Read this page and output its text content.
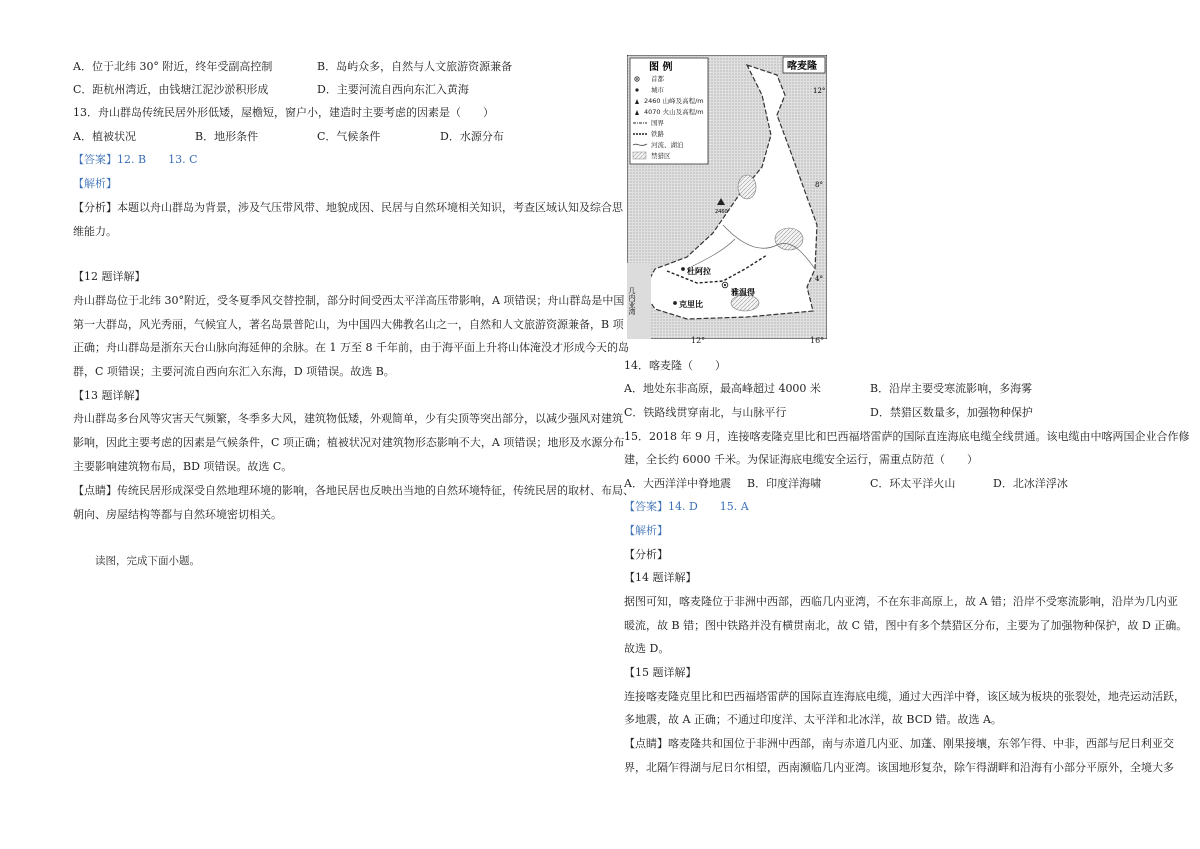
A．位于北纬 30° 附近，终年受副高控制	B．岛屿众多，自然与人文旅游资源兼备
C．距杭州湾近，由钱塘江泥沙淤积形成	D．主要河流自西向东汇入黄海
13．舟山群岛传统民居外形低矮，屋檐短，窗户小，建造时主要考虑的因素是（　　）
A．植被状况	B．地形条件	C．气候条件	D．水源分布
【答案】12. B　　13. C
【解析】
【分析】本题以舟山群岛为背景，涉及气压带风带、地貌成因、民居与自然环境相关知识，考查区域认知及综合思
维能力。
【12 题详解】
舟山群岛位于北纬 30°附近，受冬夏季风交替控制，部分时间受西太平洋高压带影响，A 项错误；舟山群岛是中国
第一大群岛，风光秀丽，气候宜人，著名岛景普陀山，为中国四大佛教名山之一，自然和人文旅游资源兼备，B 项
正确；舟山群岛是浙东天台山脉向海延伸的余脉。在 1 万至 8 千年前，由于海平面上升将山体淹没才形成今天的岛
群，C 项错误；主要河流自西向东汇入东海，D 项错误。故选 B。
【13 题详解】
舟山群岛多台风等灾害天气频繁，冬季多大风，建筑物低矮，外观简单，少有尖顶等突出部分，以减少强风对建筑
影响，因此主要考虑的因素是气候条件，C 项正确；植被状况对建筑物形态影响不大，A 项错误；地形及水源分布
主要影响建筑物布局，BD 项错误。故选 C。
【点睛】传统民居形成深受自然地理环境的影响，各地民居也反映出当地的自然环境特征，传统民居的取材、布局、
朝向、房屋结构等都与自然环境密切相关。
读图，完成下面小题。
图 例
首都
城市
2460 山峰及高程/m
4070 火山及高程/m
国界
铁路
河流、湖泊
禁猎区
喀麦隆
2460
雅温得
杜阿拉
克里比
几内亚湾
12°
8°
4°
12°	16°
14．喀麦隆（　　）
A．地处东非高原，最高峰超过 4000 米	B．沿岸主要受寒流影响，多海雾
C．铁路线贯穿南北，与山脉平行	D．禁猎区数量多，加强物种保护
15．2018 年 9 月，连接喀麦隆克里比和巴西福塔雷萨的国际直连海底电缆全线贯通。该电缆由中喀两国企业合作修
建，全长约 6000 千米。为保证海底电缆安全运行，需重点防范（　　）
A．大西洋洋中脊地震 B．印度洋海啸	C．环太平洋火山	D．北冰洋浮冰
【答案】14. D　　15. A
【解析】
【分析】
【14 题详解】
据图可知，喀麦隆位于非洲中西部，西临几内亚湾，不在东非高原上，故 A 错；沿岸不受寒流影响，沿岸为几内亚
暖流，故 B 错；图中铁路并没有横贯南北，故 C 错，图中有多个禁猎区分布，主要为了加强物种保护，故 D 正确。
故选 D。
【15 题详解】
连接喀麦隆克里比和巴西福塔雷萨的国际直连海底电缆，通过大西洋中脊，该区域为板块的张裂处，地壳运动活跃，
多地震，故 A 正确；不通过印度洋、太平洋和北冰洋，故 BCD 错。故选 A。
【点睛】喀麦隆共和国位于非洲中西部，南与赤道几内亚、加蓬、刚果接壤，东邻乍得、中非，西部与尼日利亚交
界，北隔乍得湖与尼日尔相望，西南濒临几内亚湾。该国地形复杂，除乍得湖畔和沿海有小部分平原外，全境大多
